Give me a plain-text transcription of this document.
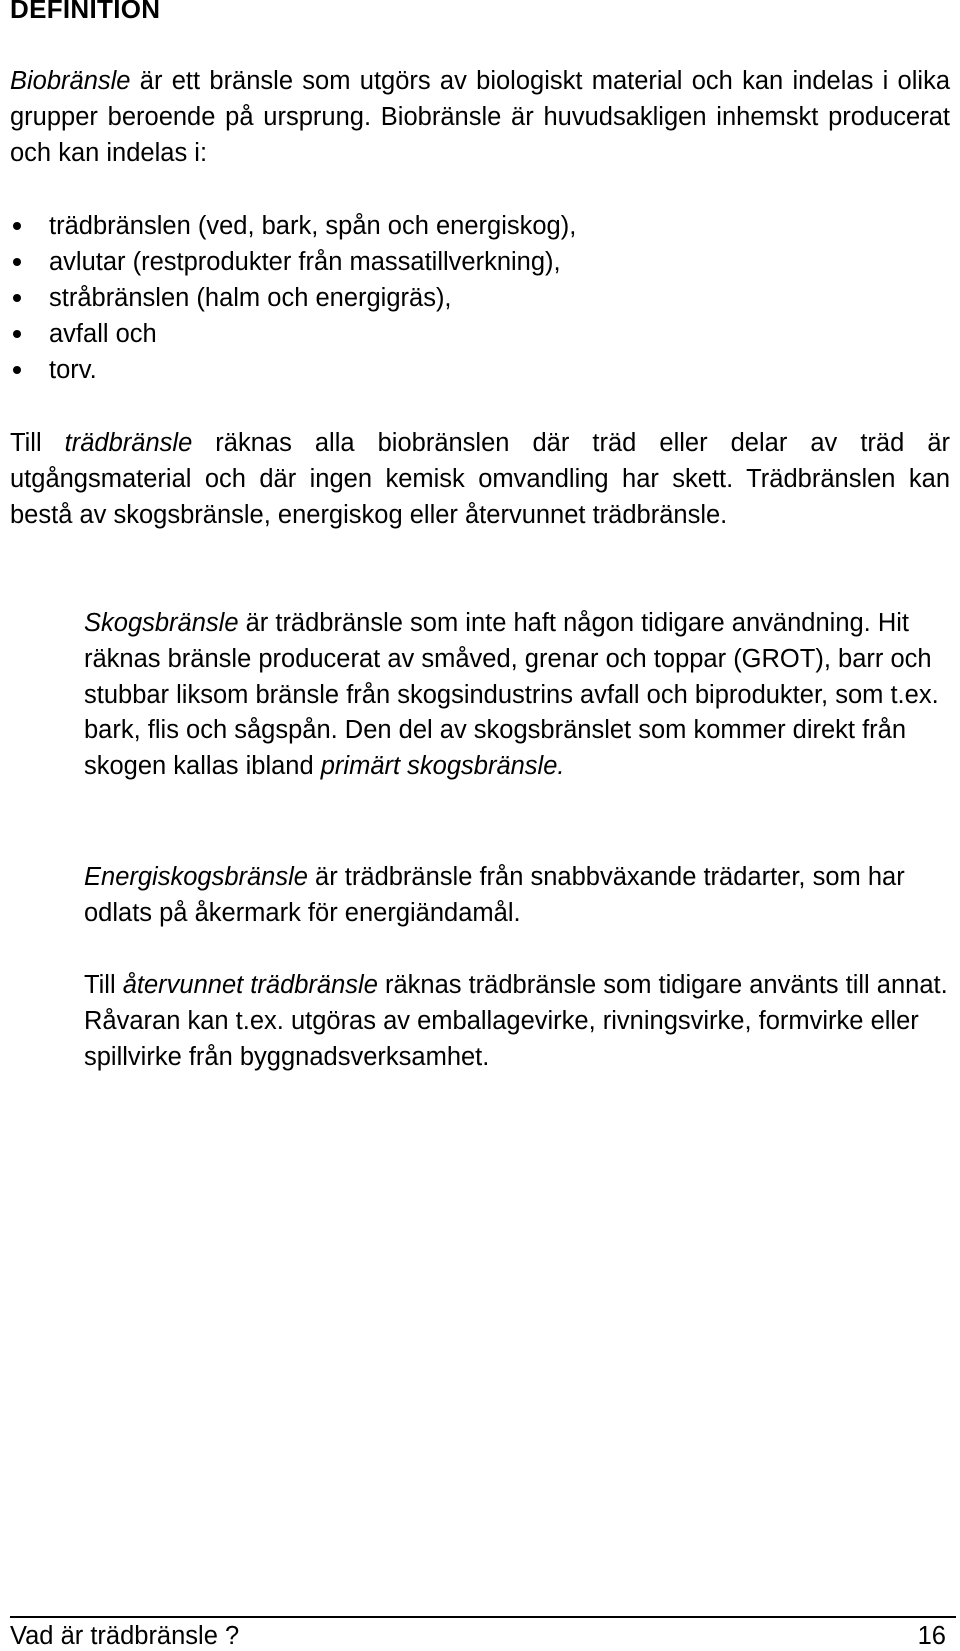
DEFINITION

Biobränsle är ett bränsle som utgörs av biologiskt material och kan indelas i olika grupper beroende på ursprung. Biobränsle är huvudsakligen inhemskt producerat och kan indelas i:

trädbränslen (ved, bark, spån och energiskog),
avlutar (restprodukter från massatillverkning),
stråbränslen (halm och energigräs),
avfall och
torv.

Till trädbränsle räknas alla biobränslen där träd eller delar av träd är utgångsmaterial och där ingen kemisk omvandling har skett. Trädbränslen kan bestå av skogsbränsle, energiskog eller återvunnet trädbränsle.

Skogsbränsle är trädbränsle som inte haft någon tidigare användning. Hit räknas bränsle producerat av småved, grenar och toppar (GROT), barr och stubbar liksom bränsle från skogsindustrins avfall och biprodukter, som t.ex. bark, flis och sågspån. Den del av skogsbränslet som kommer direkt från skogen kallas ibland primärt skogsbränsle.

Energiskogsbränsle är trädbränsle från snabbväxande trädarter, som har odlats på åkermark för energiändamål.

Till återvunnet trädbränsle räknas trädbränsle som tidigare använts till annat. Råvaran kan t.ex. utgöras av emballagevirke, rivningsvirke, formvirke eller spillvirke från byggnadsverksamhet.

Vad är trädbränsle ?	16
